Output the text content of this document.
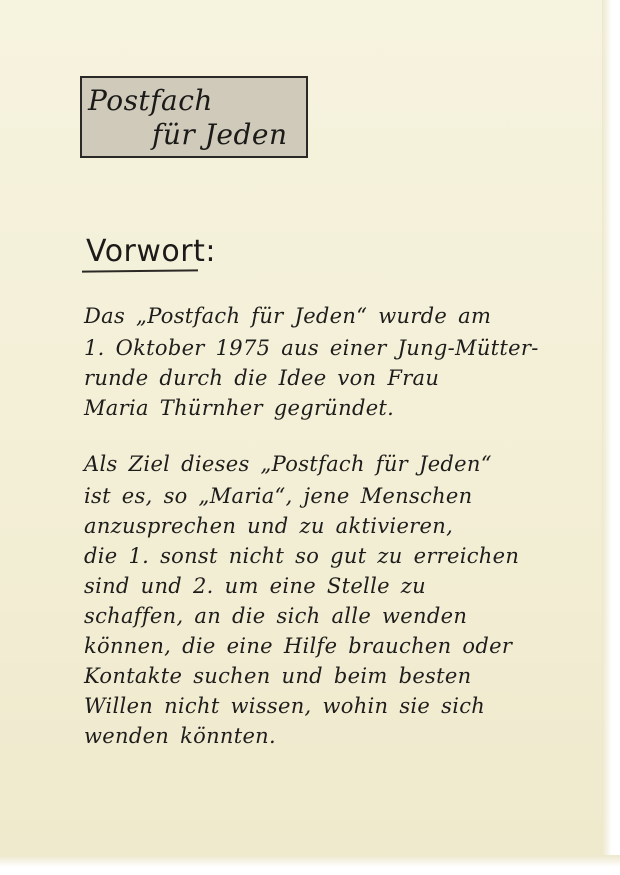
Postfach
für Jeden
Vorwort:
Das „Postfach für Jeden“ wurde am
1. Oktober 1975 aus einer Jung-Mütter-
runde durch die Idee von Frau
Maria Thürnher gegründet.
Als Ziel dieses „Postfach für Jeden“
ist es, so „Maria“, jene Menschen
anzusprechen und zu aktivieren,
die 1. sonst nicht so gut zu erreichen
sind und 2. um eine Stelle zu
schaffen, an die sich alle wenden
können, die eine Hilfe brauchen oder
Kontakte suchen und beim besten
Willen nicht wissen, wohin sie sich
wenden könnten.
